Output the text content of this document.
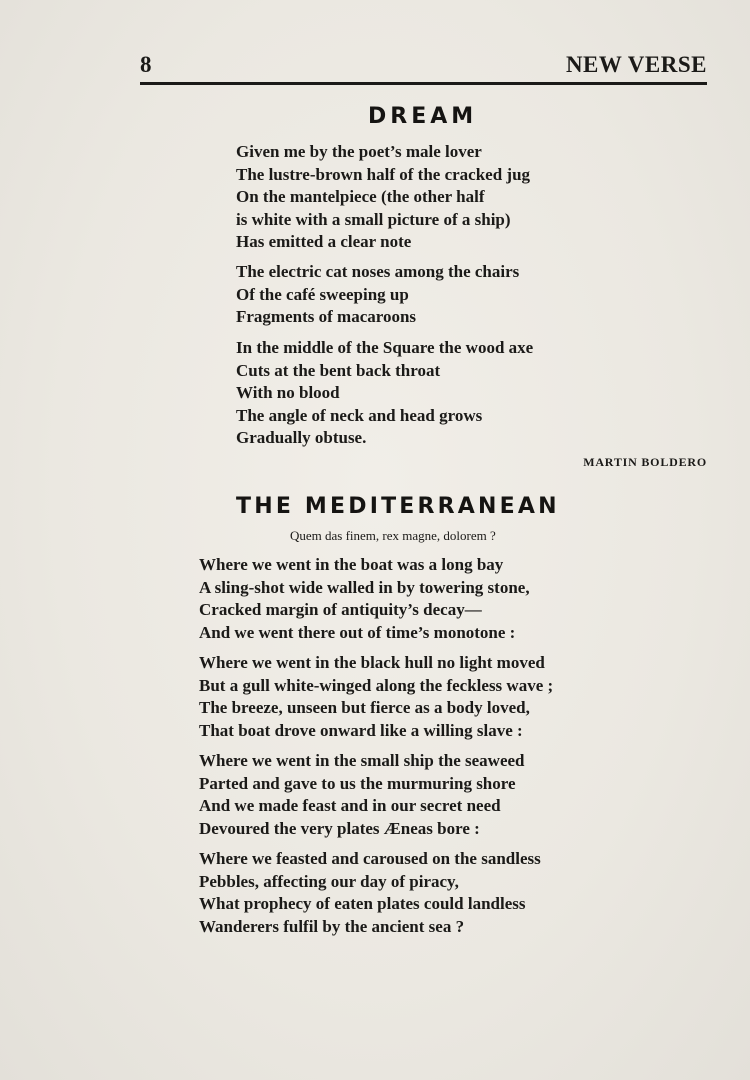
8	NEW VERSE
DREAM
Given me by the poet’s male lover
The lustre-brown half of the cracked jug
On the mantelpiece (the other half
is white with a small picture of a ship)
Has emitted a clear note
The electric cat noses among the chairs
Of the café sweeping up
Fragments of macaroons
In the middle of the Square the wood axe
Cuts at the bent back throat
With no blood
The angle of neck and head grows
Gradually obtuse.
MARTIN BOLDERO
THE MEDITERRANEAN
Quem das finem, rex magne, dolorem ?
Where we went in the boat was a long bay
A sling-shot wide walled in by towering stone,
Cracked margin of antiquity’s decay—
And we went there out of time’s monotone :
Where we went in the black hull no light moved
But a gull white-winged along the feckless wave ;
The breeze, unseen but fierce as a body loved,
That boat drove onward like a willing slave :
Where we went in the small ship the seaweed
Parted and gave to us the murmuring shore
And we made feast and in our secret need
Devoured the very plates Æneas bore :
Where we feasted and caroused on the sandless
Pebbles, affecting our day of piracy,
What prophecy of eaten plates could landless
Wanderers fulfil by the ancient sea ?
